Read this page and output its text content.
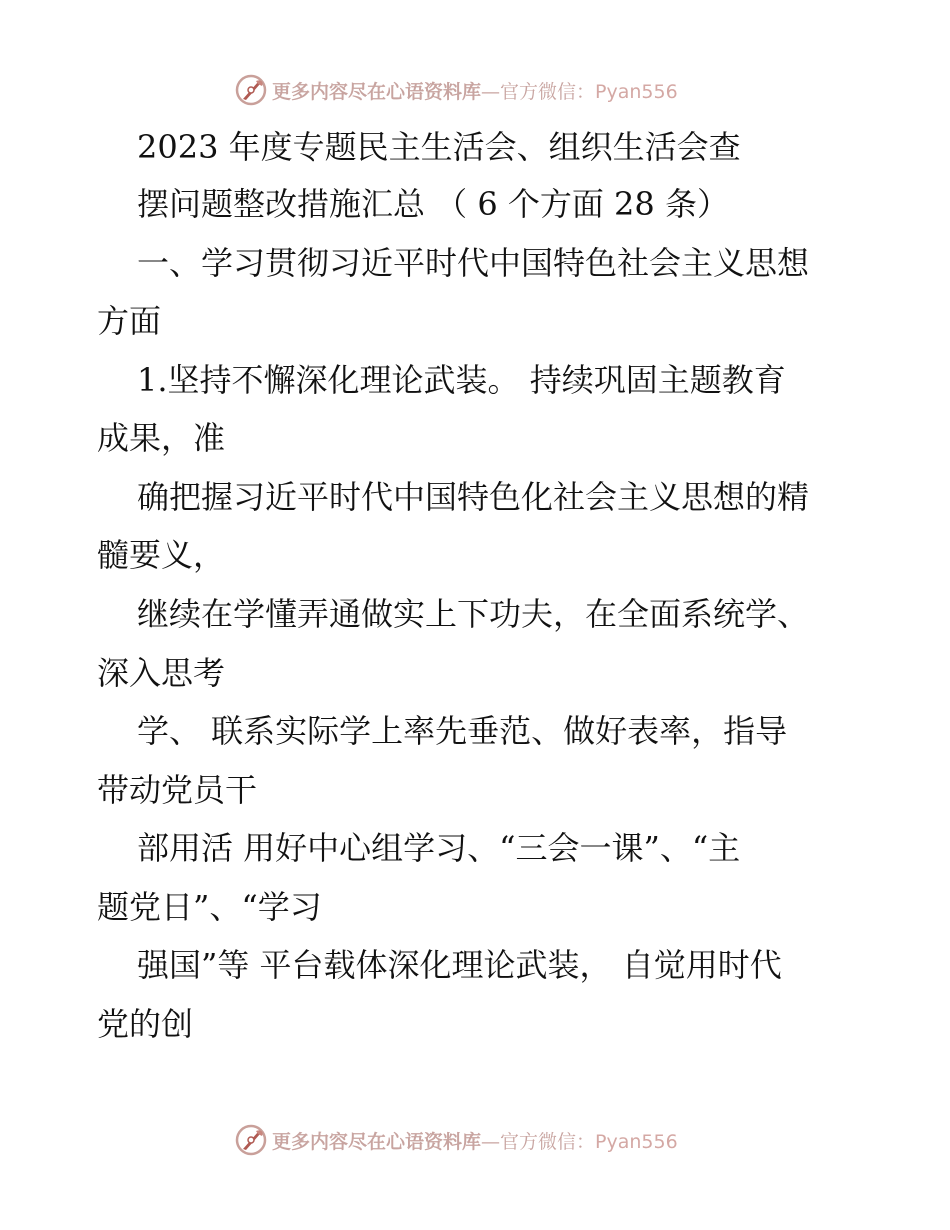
更多内容尽在心语资料库—官方微信：Pyan556
2023 年度专题民主生活会、组织生活会查
摆问题整改措施汇总 （ 6 个方面 28 条）
一、学习贯彻习近平时代中国特色社会主义思想
方面
1.坚持不懈深化理论武装。 持续巩固主题教育
成果，准
确把握习近平时代中国特色化社会主义思想的精
髓要义，
继续在学懂弄通做实上下功夫，在全面系统学、
深入思考
学、 联系实际学上率先垂范、做好表率，指导
带动党员干
部用活 用好中心组学习、“三会一课”、“主
题党日”、“学习
强国”等 平台载体深化理论武装， 自觉用时代
党的创
更多内容尽在心语资料库—官方微信：Pyan556
